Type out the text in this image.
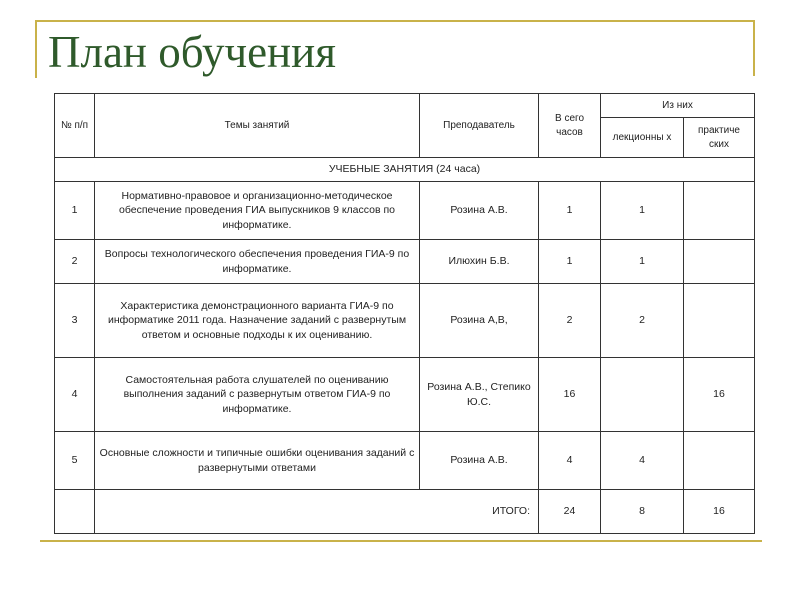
План обучения
№ п/п	Темы занятий	Преподаватель	В сего часов	Из них	
				лекционны х	практиче ских
УЧЕБНЫЕ ЗАНЯТИЯ (24 часа)					
1	Нормативно-правовое и организационно-методическое обеспечение проведения ГИА выпускников 9 классов по информатике.	Розина А.В.	1	1	
2	Вопросы технологического обеспечения проведения ГИА-9 по информатике.	Илюхин Б.В.	1	1	
3	Характеристика демонстрационного варианта ГИА-9 по информатике 2011 года. Назначение заданий с развернутым ответом и основные подходы к их оцениванию.	Розина А,В,	2	2	
4	Самостоятельная работа слушателей по оцениванию выполнения заданий с развернутым ответом ГИА-9 по информатике.	Розина А.В., Степико Ю.С.	16		16
5	Основные сложности и типичные ошибки оценивания заданий с развернутыми ответами	Розина А.В.	4	4	
	ИТОГО:		24	8	16
